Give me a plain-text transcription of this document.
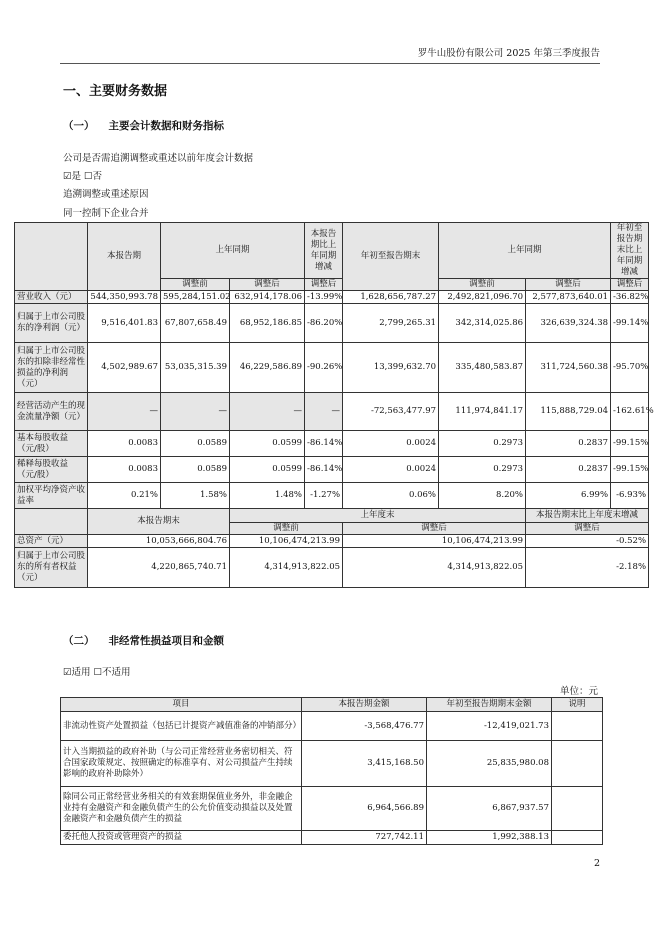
罗牛山股份有限公司 2025 年第三季度报告
一、主要财务数据
（一） 主要会计数据和财务指标
公司是否需追溯调整或重述以前年度会计数据
☑是 ☐否
追溯调整或重述原因
同一控制下企业合并
	本报告期	上年同期		本报告期比上年同期增减	年初至报告期末	上年同期		年初至报告期末比上年同期增减
		调整前	调整后	调整后		调整前	调整后	调整后
营业收入（元）	544,350,993.78	595,284,151.02	632,914,178.06	-13.99%	1,628,656,787.27	2,492,821,096.70	2,577,873,640.01	-36.82%
归属于上市公司股东的净利润（元）	9,516,401.83	67,807,658.49	68,952,186.85	-86.20%	2,799,265.31	342,314,025.86	326,639,324.38	-99.14%
归属于上市公司股东的扣除非经常性损益的净利润（元）	4,502,989.67	53,035,315.39	46,229,586.89	-90.26%	13,399,632.70	335,480,583.87	311,724,560.38	-95.70%
经营活动产生的现金流量净额（元）	—	—	—	—	-72,563,477.97	111,974,841.17	115,888,729.04	-162.61%
基本每股收益（元/股）	0.0083	0.0589	0.0599	-86.14%	0.0024	0.2973	0.2837	-99.15%
稀释每股收益（元/股）	0.0083	0.0589	0.0599	-86.14%	0.0024	0.2973	0.2837	-99.15%
加权平均净资产收益率	0.21%	1.58%	1.48%	-1.27%	0.06%	8.20%	6.99%	-6.93%
	本报告期末		上年度末				本报告期末比上年度末增减	
			调整前		调整后		调整后	
总资产（元）	10,053,666,804.76		10,106,474,213.99		10,106,474,213.99		-0.52%	
归属于上市公司股东的所有者权益（元）	4,220,865,740.71		4,314,913,822.05		4,314,913,822.05		-2.18%	
（二） 非经常性损益项目和金额
☑适用 ☐不适用
单位：元
项目	本报告期金额	年初至报告期期末金额	说明
非流动性资产处置损益（包括已计提资产减值准备的冲销部分）	-3,568,476.77	-12,419,021.73	
计入当期损益的政府补助（与公司正常经营业务密切相关、符合国家政策规定、按照确定的标准享有、对公司损益产生持续影响的政府补助除外）	3,415,168.50	25,835,980.08	
除同公司正常经营业务相关的有效套期保值业务外，非金融企业持有金融资产和金融负债产生的公允价值变动损益以及处置金融资产和金融负债产生的损益	6,964,566.89	6,867,937.57	
委托他人投资或管理资产的损益	727,742.11	1,992,388.13	
2
